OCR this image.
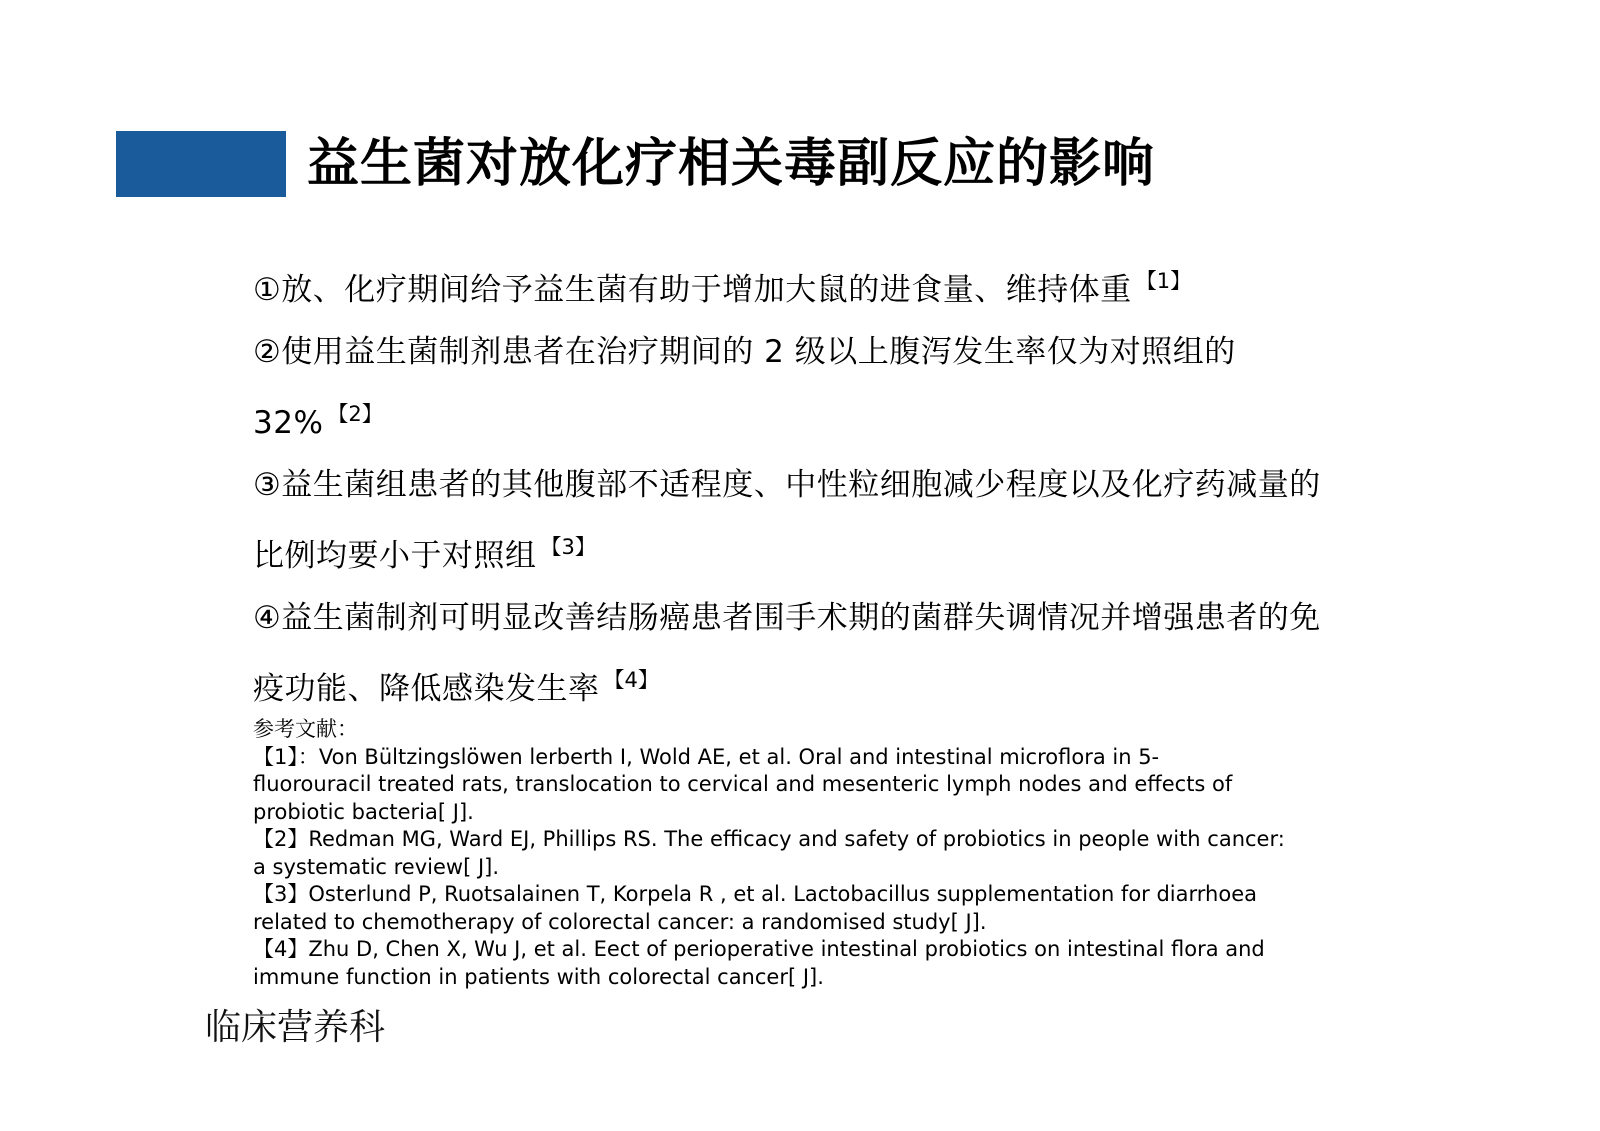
益生菌对放化疗相关毒副反应的影响
①放、化疗期间给予益生菌有助于增加大鼠的进食量、维持体重 $^{【1】}$
②使用益生菌制剂患者在治疗期间的 2 级以上腹泻发生率仅为对照组的32% $^{【2】}$
③益生菌组患者的其他腹部不适程度、中性粒细胞减少程度以及化疗药减量的比例均要小于对照组 $^{【3】}$
④益生菌制剂可明显改善结肠癌患者围手术期的菌群失调情况并增强患者的免疫功能、降低感染发生率 $^{【4】}$
参考文献：
【1】：Von Bültzingslöwen lerberth I, Wold AE, et al. Oral and intestinal microflora in 5-
fluorouracil treated rats, translocation to cervical and mesenteric lymph nodes and effects of
probiotic bacteria[ J].
【2】Redman MG, Ward EJ, Phillips RS. The efficacy and safety of probiotics in people with cancer:
a systematic review[ J].
【3】Osterlund P, Ruotsalainen T, Korpela R , et al. Lactobacillus supplementation for diarrhoea
related to chemotherapy of colorectal cancer: a randomised study[ J].
【4】Zhu D, Chen X, Wu J, et al. Eect of perioperative intestinal probiotics on intestinal flora and
immune function in patients with colorectal cancer[ J].
临床营养科
